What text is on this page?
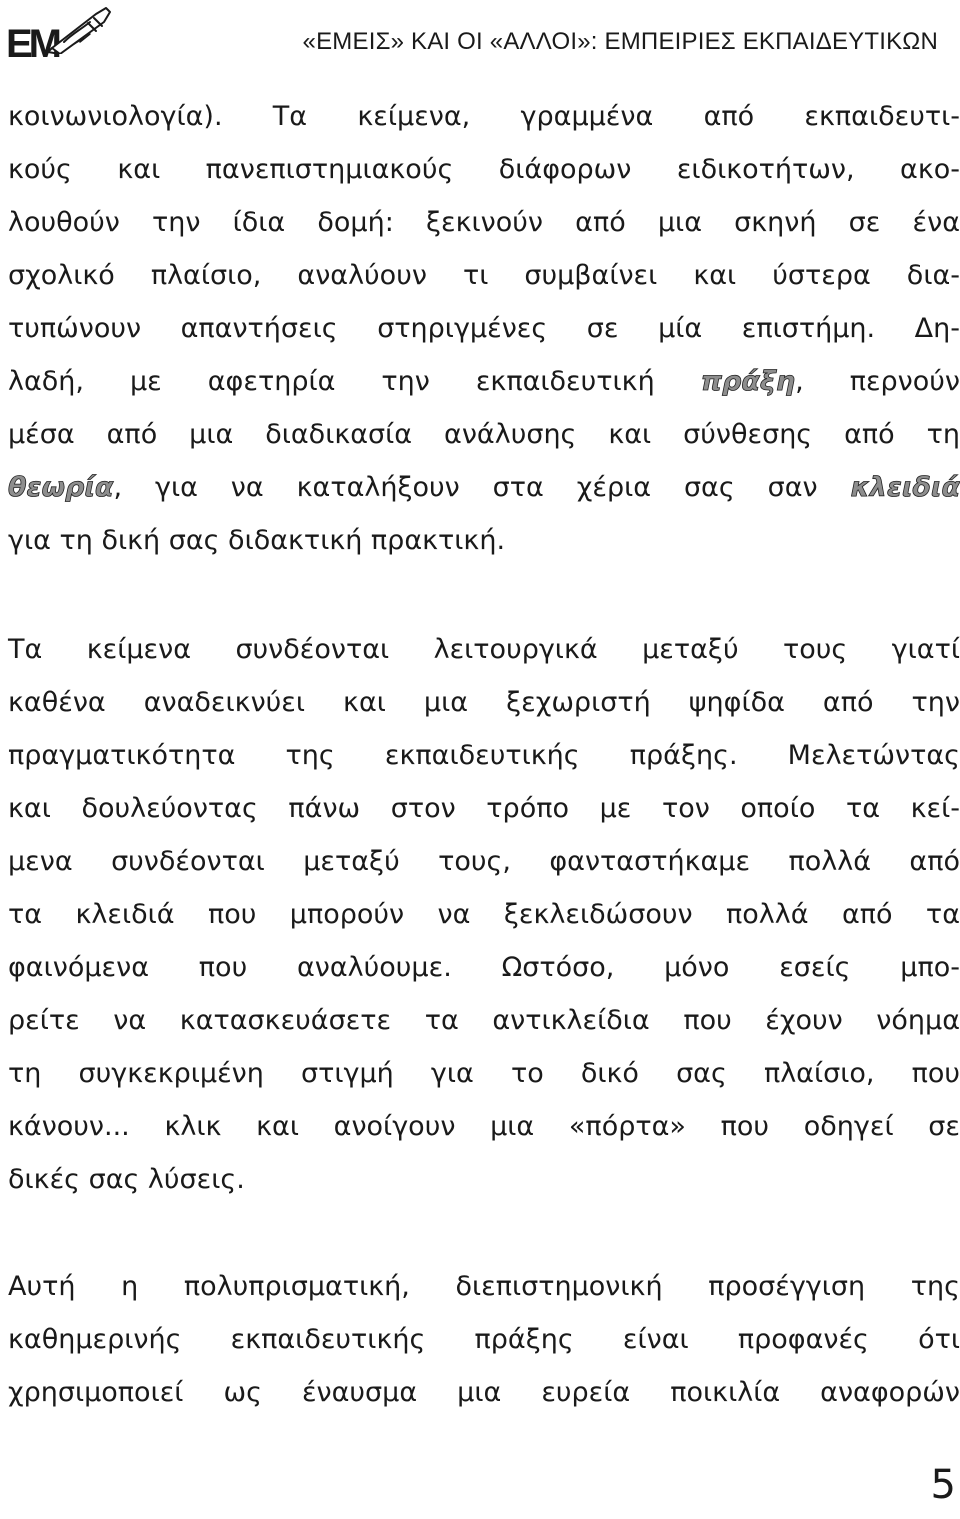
ΕΜ	«ΕΜΕΙΣ» ΚΑΙ ΟΙ «ΑΛΛΟΙ»: ΕΜΠΕΙΡΙΕΣ ΕΚΠΑΙΔΕΥΤΙΚΩΝ
κοινωνιολογία). Τα κείμενα, γραμμένα από εκπαιδευτι-
κούς και πανεπιστημιακούς διάφορων ειδικοτήτων, ακο-
λουθούν την ίδια δομή: ξεκινούν από μια σκηνή σε ένα
σχολικό πλαίσιο, αναλύουν τι συμβαίνει και ύστερα δια-
τυπώνουν απαντήσεις στηριγμένες σε μία επιστήμη. Δη-
λαδή, με αφετηρία την εκπαιδευτική πράξη, περνούν
μέσα από μια διαδικασία ανάλυσης και σύνθεσης από τη
θεωρία, για να καταλήξουν στα χέρια σας σαν κλειδιά
για τη δική σας διδακτική πρακτική.
Τα κείμενα συνδέονται λειτουργικά μεταξύ τους γιατί
καθένα αναδεικνύει και μια ξεχωριστή ψηφίδα από την
πραγματικότητα της εκπαιδευτικής πράξης. Μελετώντας
και δουλεύοντας πάνω στον τρόπο με τον οποίο τα κεί-
μενα συνδέονται μεταξύ τους, φανταστήκαμε πολλά από
τα κλειδιά που μπορούν να ξεκλειδώσουν πολλά από τα
φαινόμενα που αναλύουμε. Ωστόσο, μόνο εσείς μπο-
ρείτε να κατασκευάσετε τα αντικλείδια που έχουν νόημα
τη συγκεκριμένη στιγμή για το δικό σας πλαίσιο, που
κάνουν... κλικ και ανοίγουν μια «πόρτα» που οδηγεί σε
δικές σας λύσεις.
Αυτή η πολυπρισματική, διεπιστημονική προσέγγιση της
καθημερινής εκπαιδευτικής πράξης είναι προφανές ότι
χρησιμοποιεί ως έναυσμα μια ευρεία ποικιλία αναφορών
5
